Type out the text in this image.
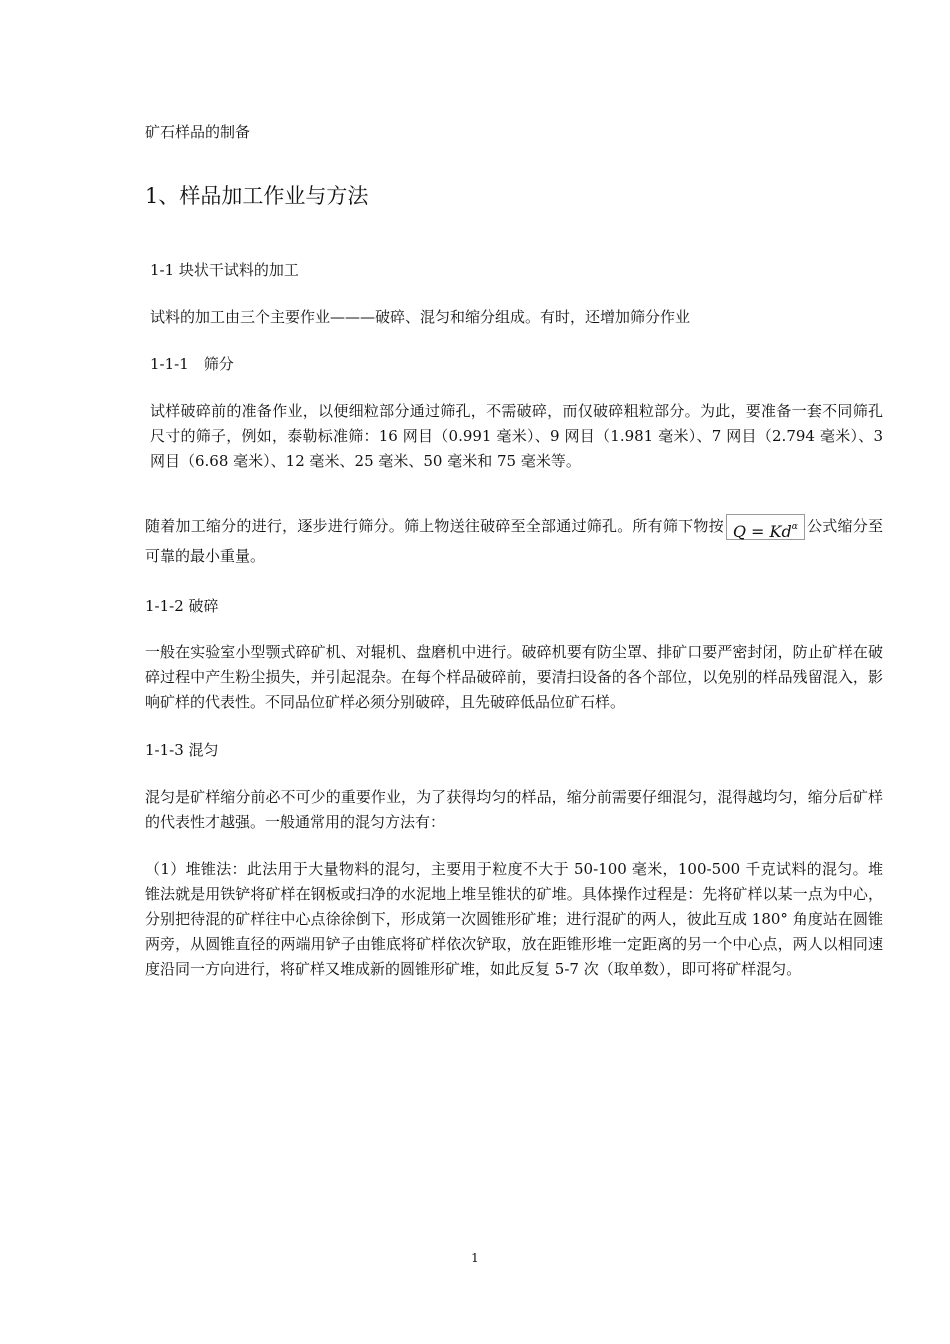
矿石样品的制备
1、样品加工作业与方法
1-1 块状干试料的加工
试料的加工由三个主要作业———破碎、混匀和缩分组成。有时，还增加筛分作业
1-1-1　筛分
试样破碎前的准备作业，以便细粒部分通过筛孔，不需破碎，而仅破碎粗粒部分。为此，要准备一套不同筛孔尺寸的筛子，例如，泰勒标准筛：16 网目（0.991 毫米）、9 网目（1.981 毫米）、7 网目（2.794 毫米）、3 网目（6.68 毫米）、12 毫米、25 毫米、50 毫米和 75 毫米等。
随着加工缩分的进行，逐步进行筛分。筛上物送往破碎至全部通过筛孔。所有筛下物按 $Q = Kd^\alpha$ 公式缩分至可靠的最小重量。
1-1-2 破碎
一般在实验室小型颚式碎矿机、对辊机、盘磨机中进行。破碎机要有防尘罩、排矿口要严密封闭，防止矿样在破碎过程中产生粉尘损失，并引起混杂。在每个样品破碎前，要清扫设备的各个部位，以免别的样品残留混入，影响矿样的代表性。不同品位矿样必须分别破碎，且先破碎低品位矿石样。
1-1-3 混匀
混匀是矿样缩分前必不可少的重要作业，为了获得均匀的样品，缩分前需要仔细混匀，混得越均匀，缩分后矿样的代表性才越强。一般通常用的混匀方法有：
（1）堆锥法：此法用于大量物料的混匀，主要用于粒度不大于 50-100 毫米，100-500 千克试料的混匀。堆锥法就是用铁铲将矿样在钢板或扫净的水泥地上堆呈锥状的矿堆。具体操作过程是：先将矿样以某一点为中心，分别把待混的矿样往中心点徐徐倒下，形成第一次圆锥形矿堆；进行混矿的两人，彼此互成 180° 角度站在圆锥两旁，从圆锥直径的两端用铲子由锥底将矿样依次铲取，放在距锥形堆一定距离的另一个中心点，两人以相同速度沿同一方向进行，将矿样又堆成新的圆锥形矿堆，如此反复 5-7 次（取单数），即可将矿样混匀。
1
